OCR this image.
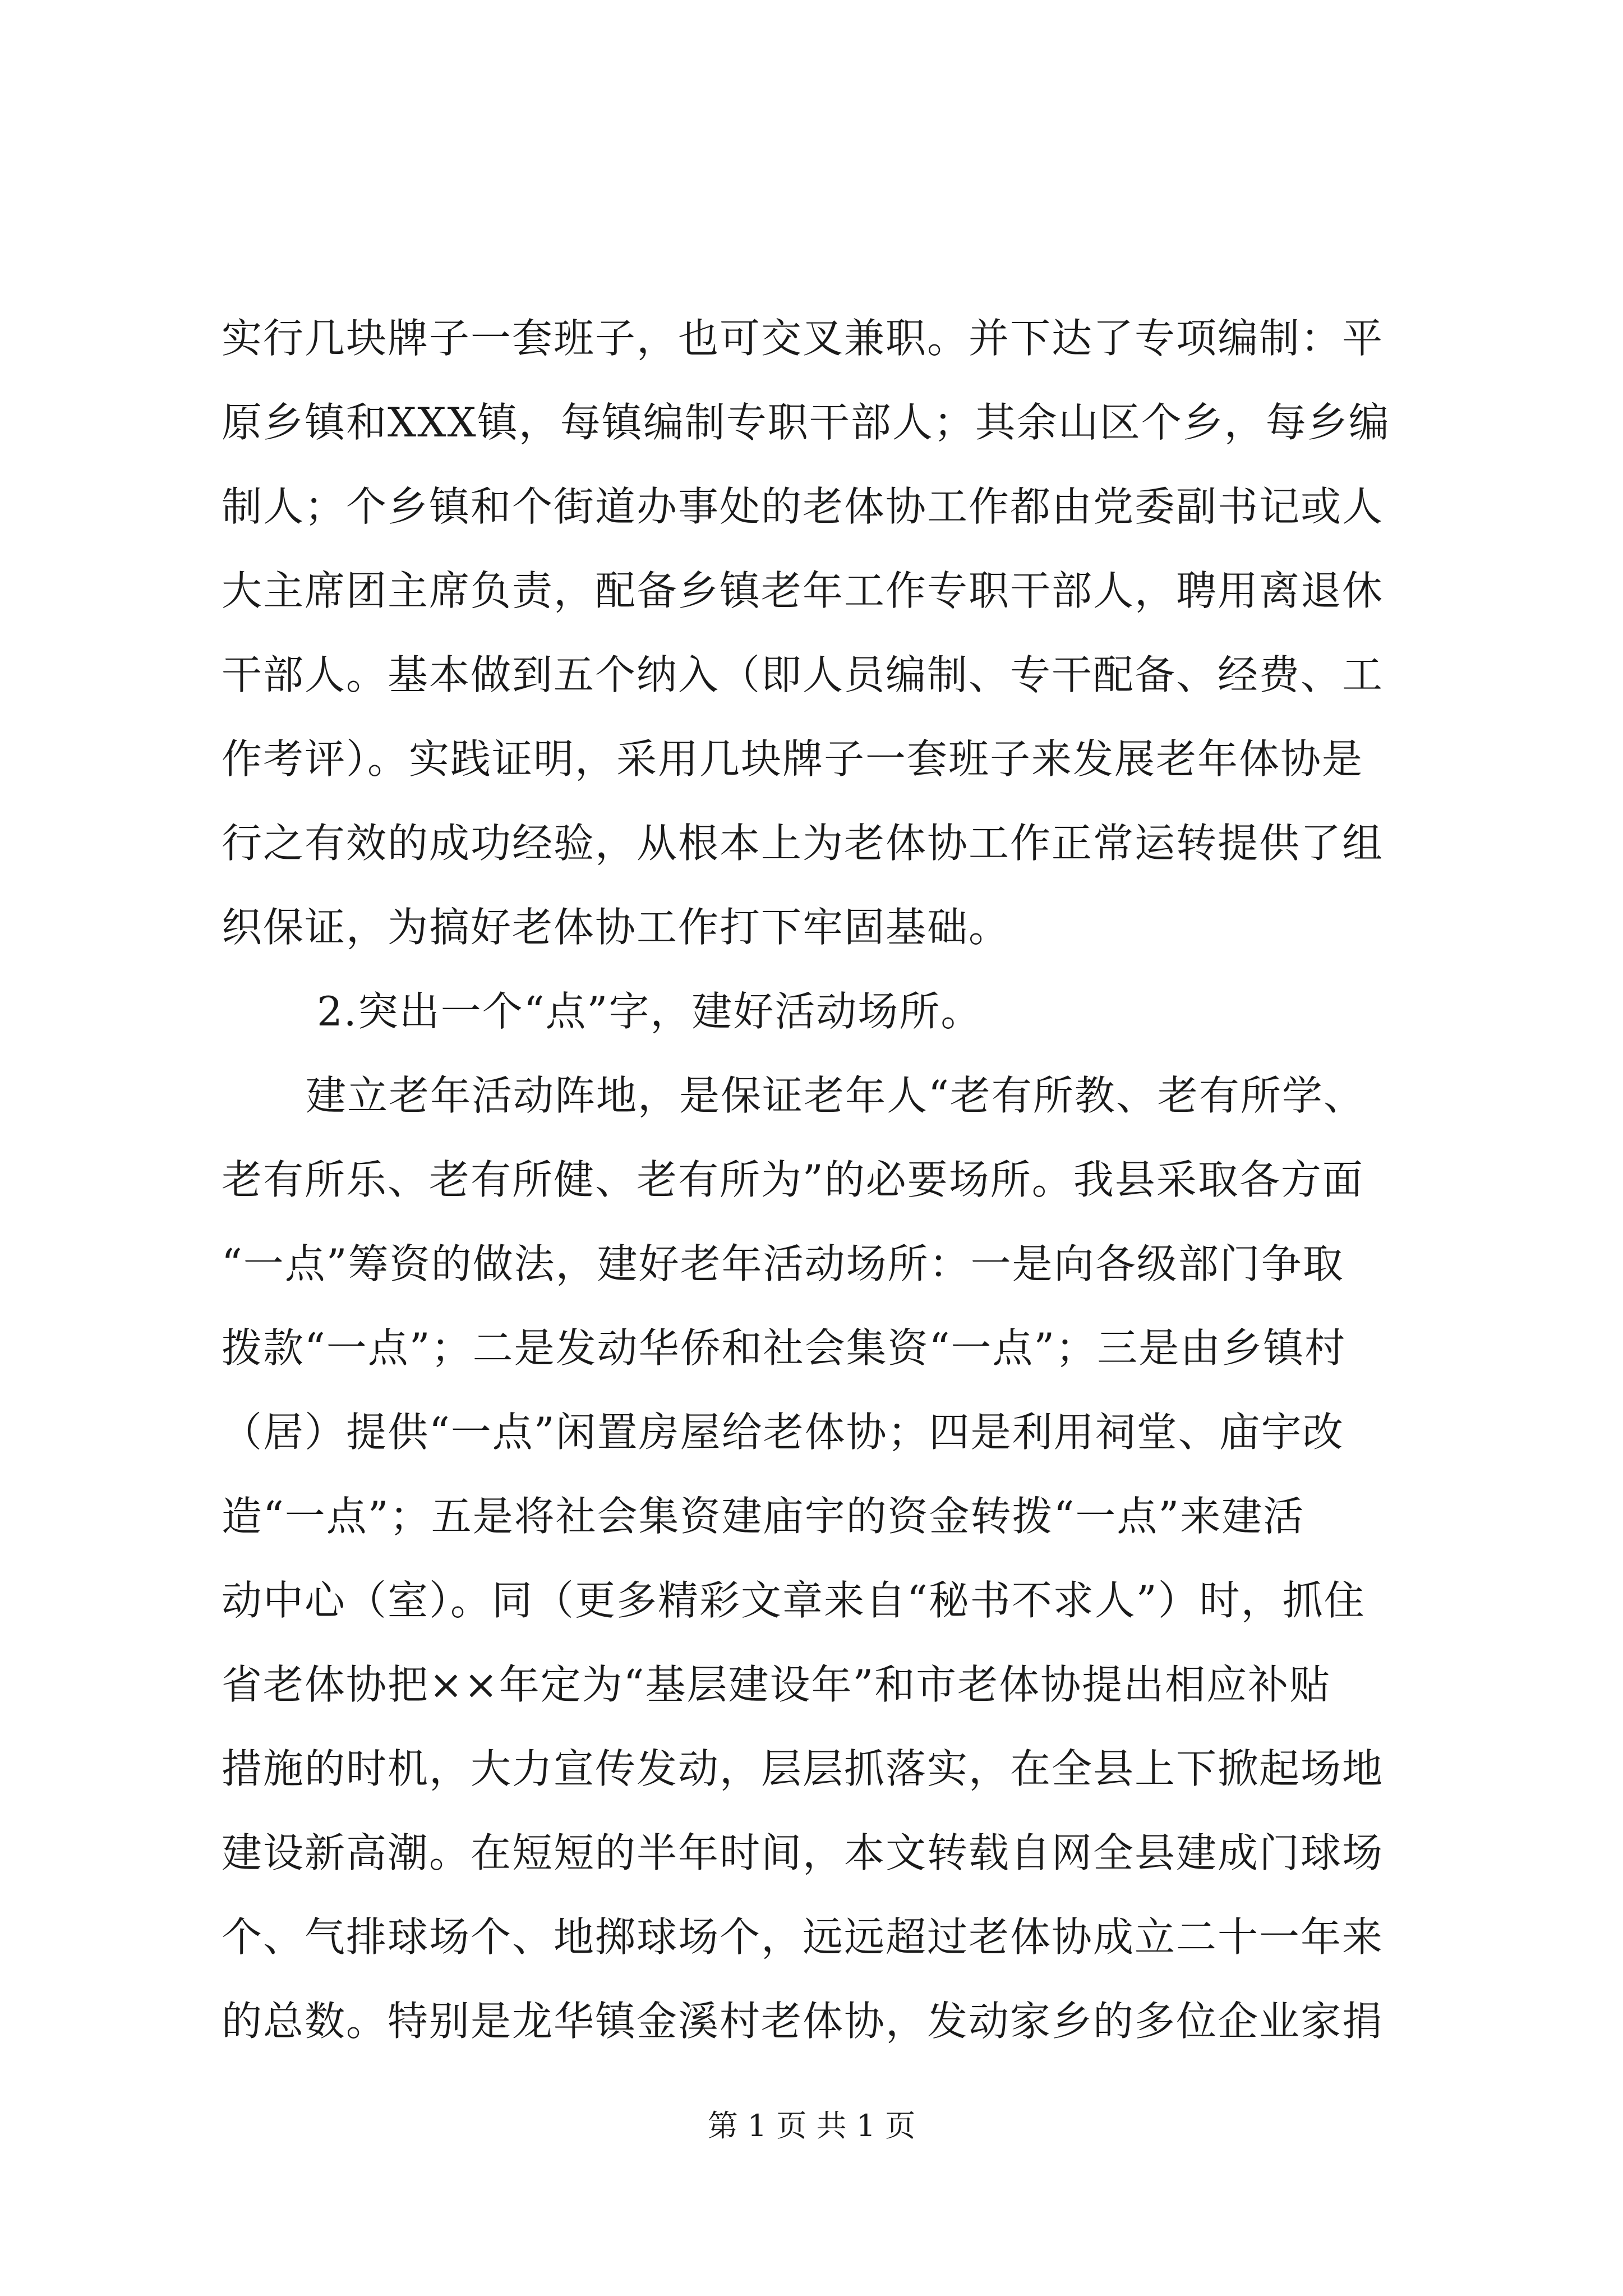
实行几块牌子一套班子，也可交叉兼职。并下达了专项编制：平
原乡镇和XXX镇，每镇编制专职干部人；其余山区个乡，每乡编
制人；个乡镇和个街道办事处的老体协工作都由党委副书记或人
大主席团主席负责，配备乡镇老年工作专职干部人，聘用离退休
干部人。基本做到五个纳入（即人员编制、专干配备、经费、工
作考评）。实践证明，采用几块牌子一套班子来发展老年体协是
行之有效的成功经验，从根本上为老体协工作正常运转提供了组
织保证，为搞好老体协工作打下牢固基础。
2.突出一个“点”字，建好活动场所。
建立老年活动阵地，是保证老年人“老有所教、老有所学、
老有所乐、老有所健、老有所为”的必要场所。我县采取各方面
“一点”筹资的做法，建好老年活动场所：一是向各级部门争取
拨款“一点”；二是发动华侨和社会集资“一点”；三是由乡镇村
（居）提供“一点”闲置房屋给老体协；四是利用祠堂、庙宇改
造“一点”；五是将社会集资建庙宇的资金转拨“一点”来建活
动中心（室）。同（更多精彩文章来自“秘书不求人”）时，抓住
省老体协把××年定为“基层建设年”和市老体协提出相应补贴
措施的时机，大力宣传发动，层层抓落实，在全县上下掀起场地
建设新高潮。在短短的半年时间，本文转载自网全县建成门球场
个、气排球场个、地掷球场个，远远超过老体协成立二十一年来
的总数。特别是龙华镇金溪村老体协，发动家乡的多位企业家捐
第 1 页 共 1 页
